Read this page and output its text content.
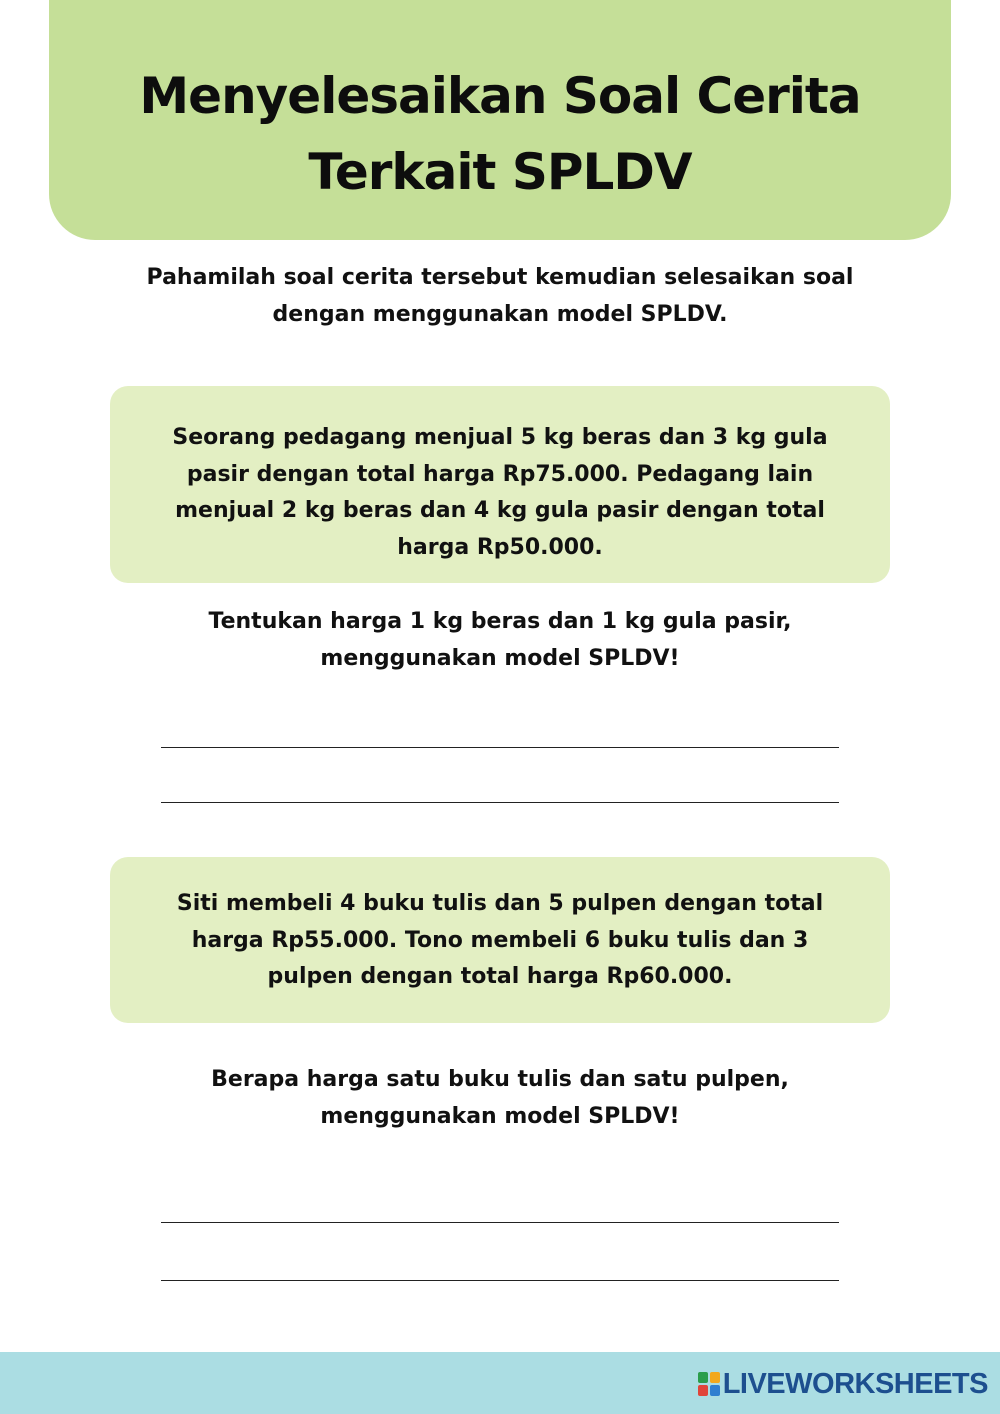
Menyelesaikan Soal Cerita
Terkait SPLDV
Pahamilah soal cerita tersebut kemudian selesaikan soal
dengan menggunakan model SPLDV.
Seorang pedagang menjual 5 kg beras dan 3 kg gula
pasir dengan total harga Rp75.000. Pedagang lain
menjual 2 kg beras dan 4 kg gula pasir dengan total
harga Rp50.000.
Tentukan harga 1 kg beras dan 1 kg gula pasir,
menggunakan model SPLDV!
Siti membeli 4 buku tulis dan 5 pulpen dengan total
harga Rp55.000. Tono membeli 6 buku tulis dan 3
pulpen dengan total harga Rp60.000.
Berapa harga satu buku tulis dan satu pulpen,
menggunakan model SPLDV!
LIVEWORKSHEETS
